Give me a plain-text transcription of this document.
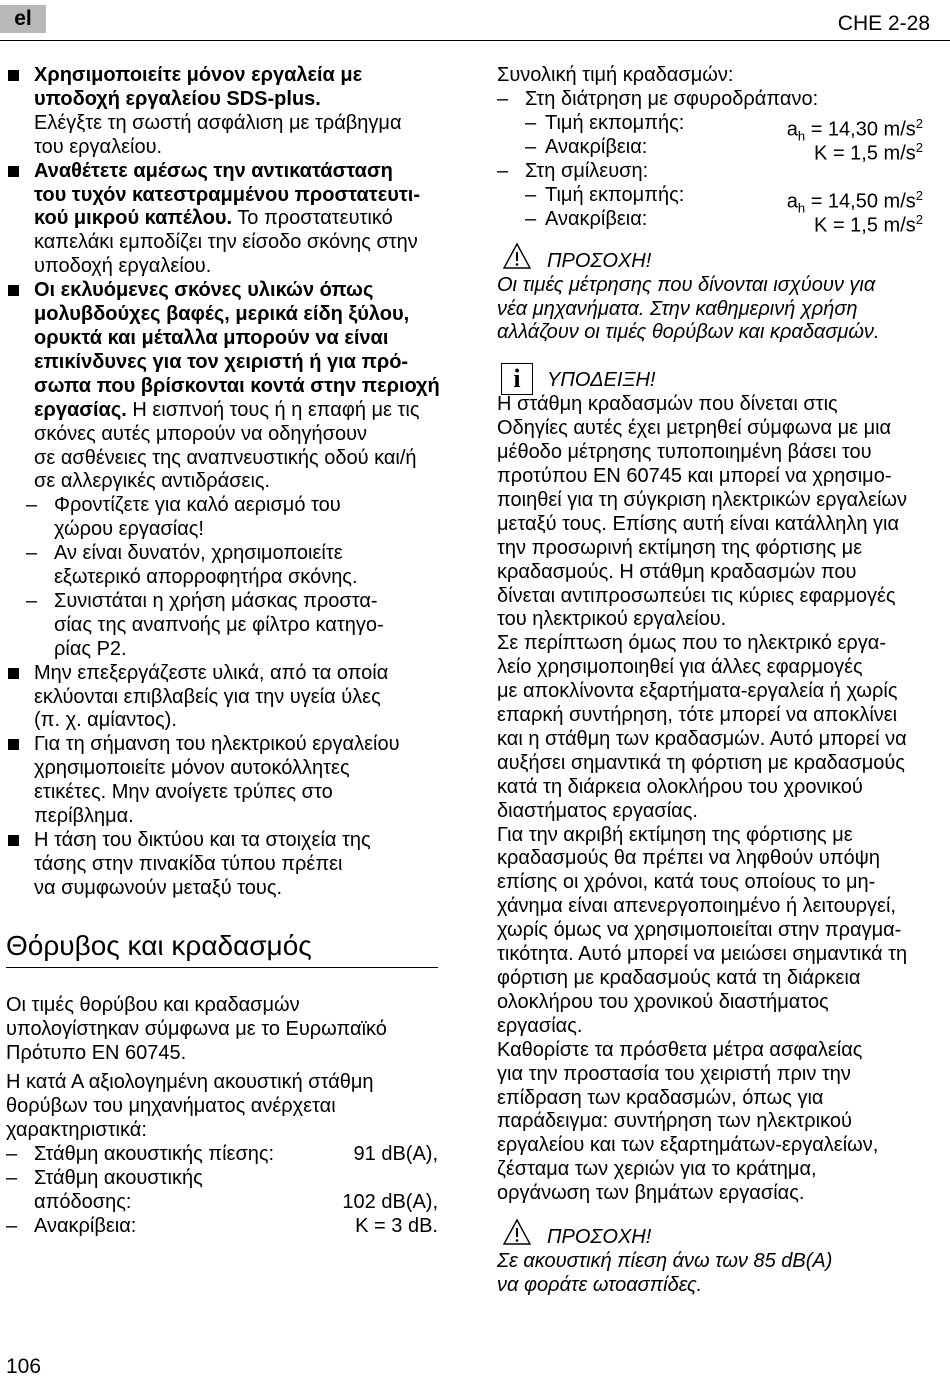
el	CHE 2-28
Χρησιμοποιείτε μόνον εργαλεία με
υποδοχή εργαλείου SDS-plus.
Ελέγξτε τη σωστή ασφάλιση με τράβηγμα
του εργαλείου.
Αναθέτετε αμέσως την αντικατάσταση
του τυχόν κατεστραμμένου προστατευτι-
κού μικρού καπέλου. Το προστατευτικό
καπελάκι εμποδίζει την είσοδο σκόνης στην
υποδοχή εργαλείου.
Οι εκλυόμενες σκόνες υλικών όπως
μολυβδούχες βαφές, μερικά είδη ξύλου,
ορυκτά και μέταλλα μπορούν να είναι
επικίνδυνες για τον χειριστή ή για πρό-
σωπα που βρίσκονται κοντά στην περιοχή
εργασίας. Η εισπνοή τους ή η επαφή με τις
σκόνες αυτές μπορούν να οδηγήσουν
σε ασθένειες της αναπνευστικής οδού και/ή
σε αλλεργικές αντιδράσεις.
– Φροντίζετε για καλό αερισμό του
χώρου εργασίας!
– Αν είναι δυνατόν, χρησιμοποιείτε
εξωτερικό απορροφητήρα σκόνης.
– Συνιστάται η χρήση μάσκας προστα-
σίας της αναπνοής με φίλτρο κατηγο-
ρίας P2.
Μην επεξεργάζεστε υλικά, από τα οποία
εκλύονται επιβλαβείς για την υγεία ύλες
(π. χ. αμίαντος).
Για τη σήμανση του ηλεκτρικού εργαλείου
χρησιμοποιείτε μόνον αυτοκόλλητες
ετικέτες. Μην ανοίγετε τρύπες στο
περίβλημα.
Η τάση του δικτύου και τα στοιχεία της
τάσης στην πινακίδα τύπου πρέπει
να συμφωνούν μεταξύ τους.
Θόρυβος και κραδασμός
Οι τιμές θορύβου και κραδασμών
υπολογίστηκαν σύμφωνα με το Ευρωπαϊκό
Πρότυπο EN 60745.
Η κατά Α αξιολογημένη ακουστική στάθμη
θορύβων του μηχανήματος ανέρχεται
χαρακτηριστικά:
– Στάθμη ακουστικής πίεσης:	91 dB(A),
– Στάθμη ακουστικής
απόδοσης:	102 dB(A),
– Ανακρίβεια:	K = 3 dB.
Συνολική τιμή κραδασμών:
– Στη διάτρηση με σφυροδράπανο:
– Τιμή εκπομπής:	$a_h = 14,30$ $m/s^2$
– Ανακρίβεια:	K = 1,5 $m/s^2$
– Στη σμίλευση:
– Τιμή εκπομπής:	$a_h = 14,50$ $m/s^2$
– Ανακρίβεια:	K = 1,5 $m/s^2$
ΠΡΟΣΟΧΗ!
Οι τιμές μέτρησης που δίνονται ισχύουν για
νέα μηχανήματα. Στην καθημερινή χρήση
αλλάζουν οι τιμές θορύβων και κραδασμών.
i	ΥΠΟΔΕΙΞΗ!
Η στάθμη κραδασμών που δίνεται στις
Οδηγίες αυτές έχει μετρηθεί σύμφωνα με μια
μέθοδο μέτρησης τυποποιημένη βάσει του
προτύπου EN 60745 και μπορεί να χρησιμο-
ποιηθεί για τη σύγκριση ηλεκτρικών εργαλείων
μεταξύ τους. Επίσης αυτή είναι κατάλληλη για
την προσωρινή εκτίμηση της φόρτισης με
κραδασμούς. Η στάθμη κραδασμών που
δίνεται αντιπροσωπεύει τις κύριες εφαρμογές
του ηλεκτρικού εργαλείου.
Σε περίπτωση όμως που το ηλεκτρικό εργα-
λείο χρησιμοποιηθεί για άλλες εφαρμογές
με αποκλίνοντα εξαρτήματα-εργαλεία ή χωρίς
επαρκή συντήρηση, τότε μπορεί να αποκλίνει
και η στάθμη των κραδασμών. Αυτό μπορεί να
αυξήσει σημαντικά τη φόρτιση με κραδασμούς
κατά τη διάρκεια ολοκλήρου του χρονικού
διαστήματος εργασίας.
Για την ακριβή εκτίμηση της φόρτισης με
κραδασμούς θα πρέπει να ληφθούν υπόψη
επίσης οι χρόνοι, κατά τους οποίους το μη-
χάνημα είναι απενεργοποιημένο ή λειτουργεί,
χωρίς όμως να χρησιμοποιείται στην πραγμα-
τικότητα. Αυτό μπορεί να μειώσει σημαντικά τη
φόρτιση με κραδασμούς κατά τη διάρκεια
ολοκλήρου του χρονικού διαστήματος
εργασίας.
Καθορίστε τα πρόσθετα μέτρα ασφαλείας
για την προστασία του χειριστή πριν την
επίδραση των κραδασμών, όπως για
παράδειγμα: συντήρηση των ηλεκτρικού
εργαλείου και των εξαρτημάτων-εργαλείων,
ζέσταμα των χεριών για το κράτημα,
οργάνωση των βημάτων εργασίας.
ΠΡΟΣΟΧΗ!
Σε ακουστική πίεση άνω των 85 dB(A)
να φοράτε ωτοασπίδες.
106
